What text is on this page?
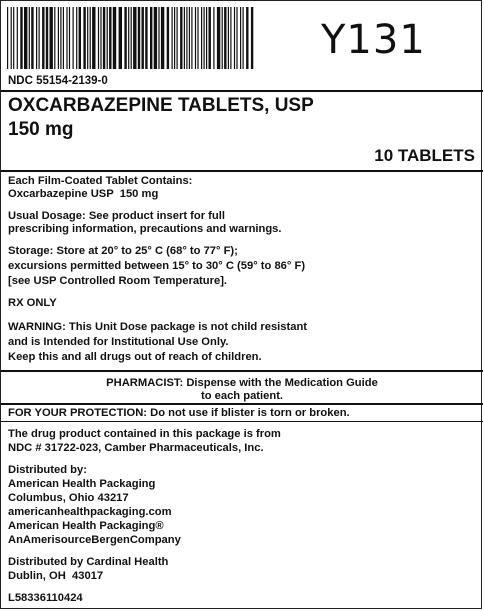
Y131
NDC 55154-2139-0
OXCARBAZEPINE TABLETS, USP
150 mg
10 TABLETS
Each Film-Coated Tablet Contains:
Oxcarbazepine USP  150 mg
Usual Dosage: See product insert for full
prescribing information, precautions and warnings.
Storage: Store at 20° to 25° C (68° to 77° F);
excursions permitted between 15° to 30° C (59° to 86° F)
[see USP Controlled Room Temperature].
RX ONLY
WARNING: This Unit Dose package is not child resistant
and is Intended for Institutional Use Only.
Keep this and all drugs out of reach of children.
PHARMACIST: Dispense with the Medication Guide
to each patient.
FOR YOUR PROTECTION: Do not use if blister is torn or broken.
The drug product contained in this package is from
NDC # 31722-023, Camber Pharmaceuticals, Inc.
Distributed by:
American Health Packaging
Columbus, Ohio 43217
americanhealthpackaging.com
American Health Packaging®
AnAmerisourceBergenCompany
Distributed by Cardinal Health
Dublin, OH  43017
L58336110424
